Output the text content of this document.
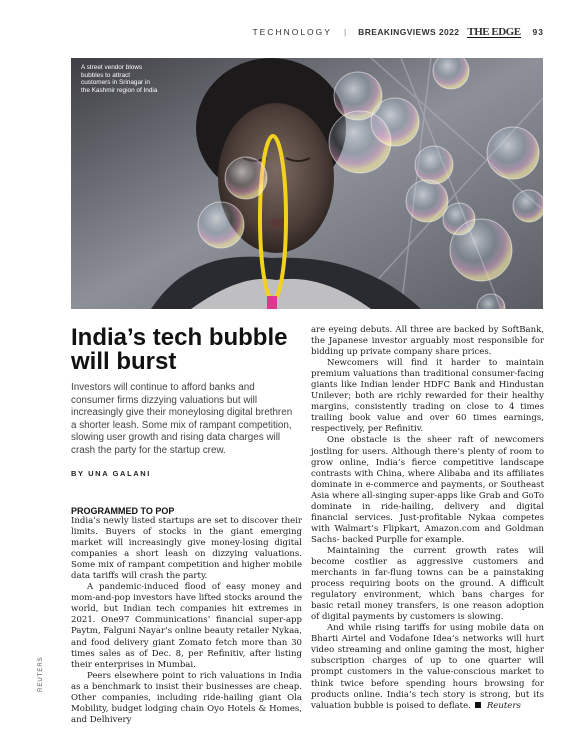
TECHNOLOGY | BREAKINGVIEWS 2022 THE EDGE 93
A street vendor blows bubbles to attract customers in Srinagar in the Kashmir region of India
India’s tech bubble will burst

Investors will continue to afford banks and consumer firms dizzying valuations but will increasingly give their moneylosing digital brethren a shorter leash. Some mix of rampant competition, slowing user growth and rising data charges will crash the party for the startup crew.

BY UNA GALANI
PROGRAMMED TO POP

India’s newly listed startups are set to discover their limits. Buyers of stocks in the giant emerging market will increasingly give money-losing digital companies a short leash on dizzying valuations. Some mix of rampant competition and higher mobile data tariffs will crash the party.

A pandemic-induced flood of easy money and mom-and-pop investors have lifted stocks around the world, but Indian tech companies hit extremes in 2021. One97 Communications’ financial super-app Paytm, Falguni Nayar’s online beauty retailer Nykaa, and food delivery giant Zomato fetch more than 30 times sales as of Dec. 8, per Refinitiv, after listing their enterprises in Mumbai.

Peers elsewhere point to rich valuations in India as a benchmark to insist their businesses are cheap. Other companies, including ride-hailing giant Ola Mobility, budget lodging chain Oyo Hotels & Homes, and Delhivery

are eyeing debuts. All three are backed by SoftBank, the Japanese investor arguably most responsible for bidding up private company share prices.

Newcomers will find it harder to maintain premium valuations than traditional consumer-facing giants like Indian lender HDFC Bank and Hindustan Unilever; both are richly rewarded for their healthy margins, consistently trading on close to 4 times trailing book value and over 60 times earnings, respectively, per Refinitiv.

One obstacle is the sheer raft of newcomers jostling for users. Although there’s plenty of room to grow online, India’s fierce competitive landscape contrasts with China, where Alibaba and its affiliates dominate in e-commerce and payments, or Southeast Asia where all-singing super-apps like Grab and GoTo dominate in ride-hailing, delivery and digital financial services. Just-profitable Nykaa competes with Walmart’s Flipkart, Amazon.com and Goldman Sachs- backed Purplle for example.

Maintaining the current growth rates will become costlier as aggressive customers and merchants in far-flung towns can be a painstaking process requiring boots on the ground. A difficult regulatory environment, which bans charges for basic retail money transfers, is one reason adoption of digital payments by customers is slowing.

And while rising tariffs for using mobile data on Bharti Airtel and Vodafone Idea’s networks will hurt video streaming and online gaming the most, higher subscription charges of up to one quarter will prompt customers in the value-conscious market to think twice before spending hours browsing for products online. India’s tech story is strong, but its valuation bubble is poised to deflate. Reuters

REUTERS
